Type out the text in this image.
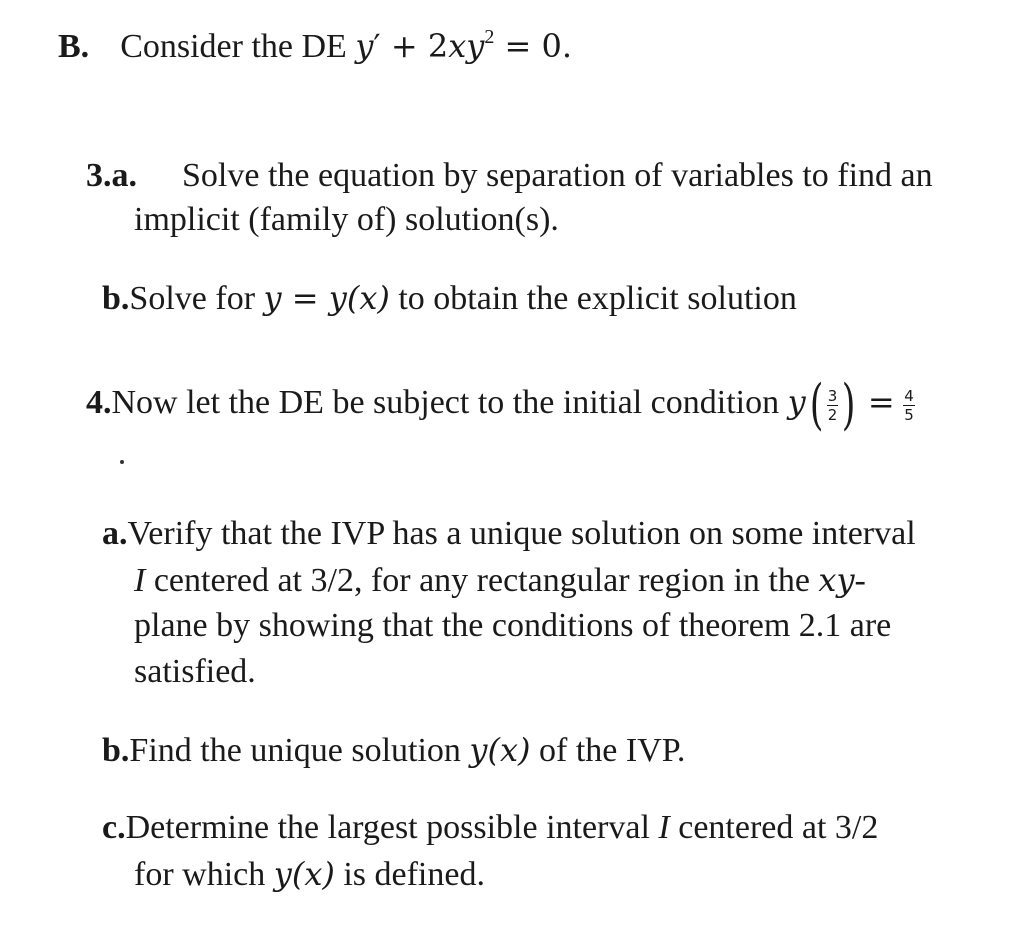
B. Consider the DE $y' + 2xy^2 = 0$.
3.a. Solve the equation by separation of variables to find an
implicit (family of) solution(s).
b.Solve for y = y(x) to obtain the explicit solution
4.Now let the DE be subject to the initial condition $y( \frac{3}{2}$ ) = $\frac{4}{5}$
a.Verify that the IVP has a unique solution on some interval
I centered at 3/2, for any rectangular region in the xy-
plane by showing that the conditions of theorem 2.1 are
satisfied.
b.Find the unique solution y(x) of the IVP.
c.Determine the largest possible interval I centered at 3/2
for which y(x) is defined.
